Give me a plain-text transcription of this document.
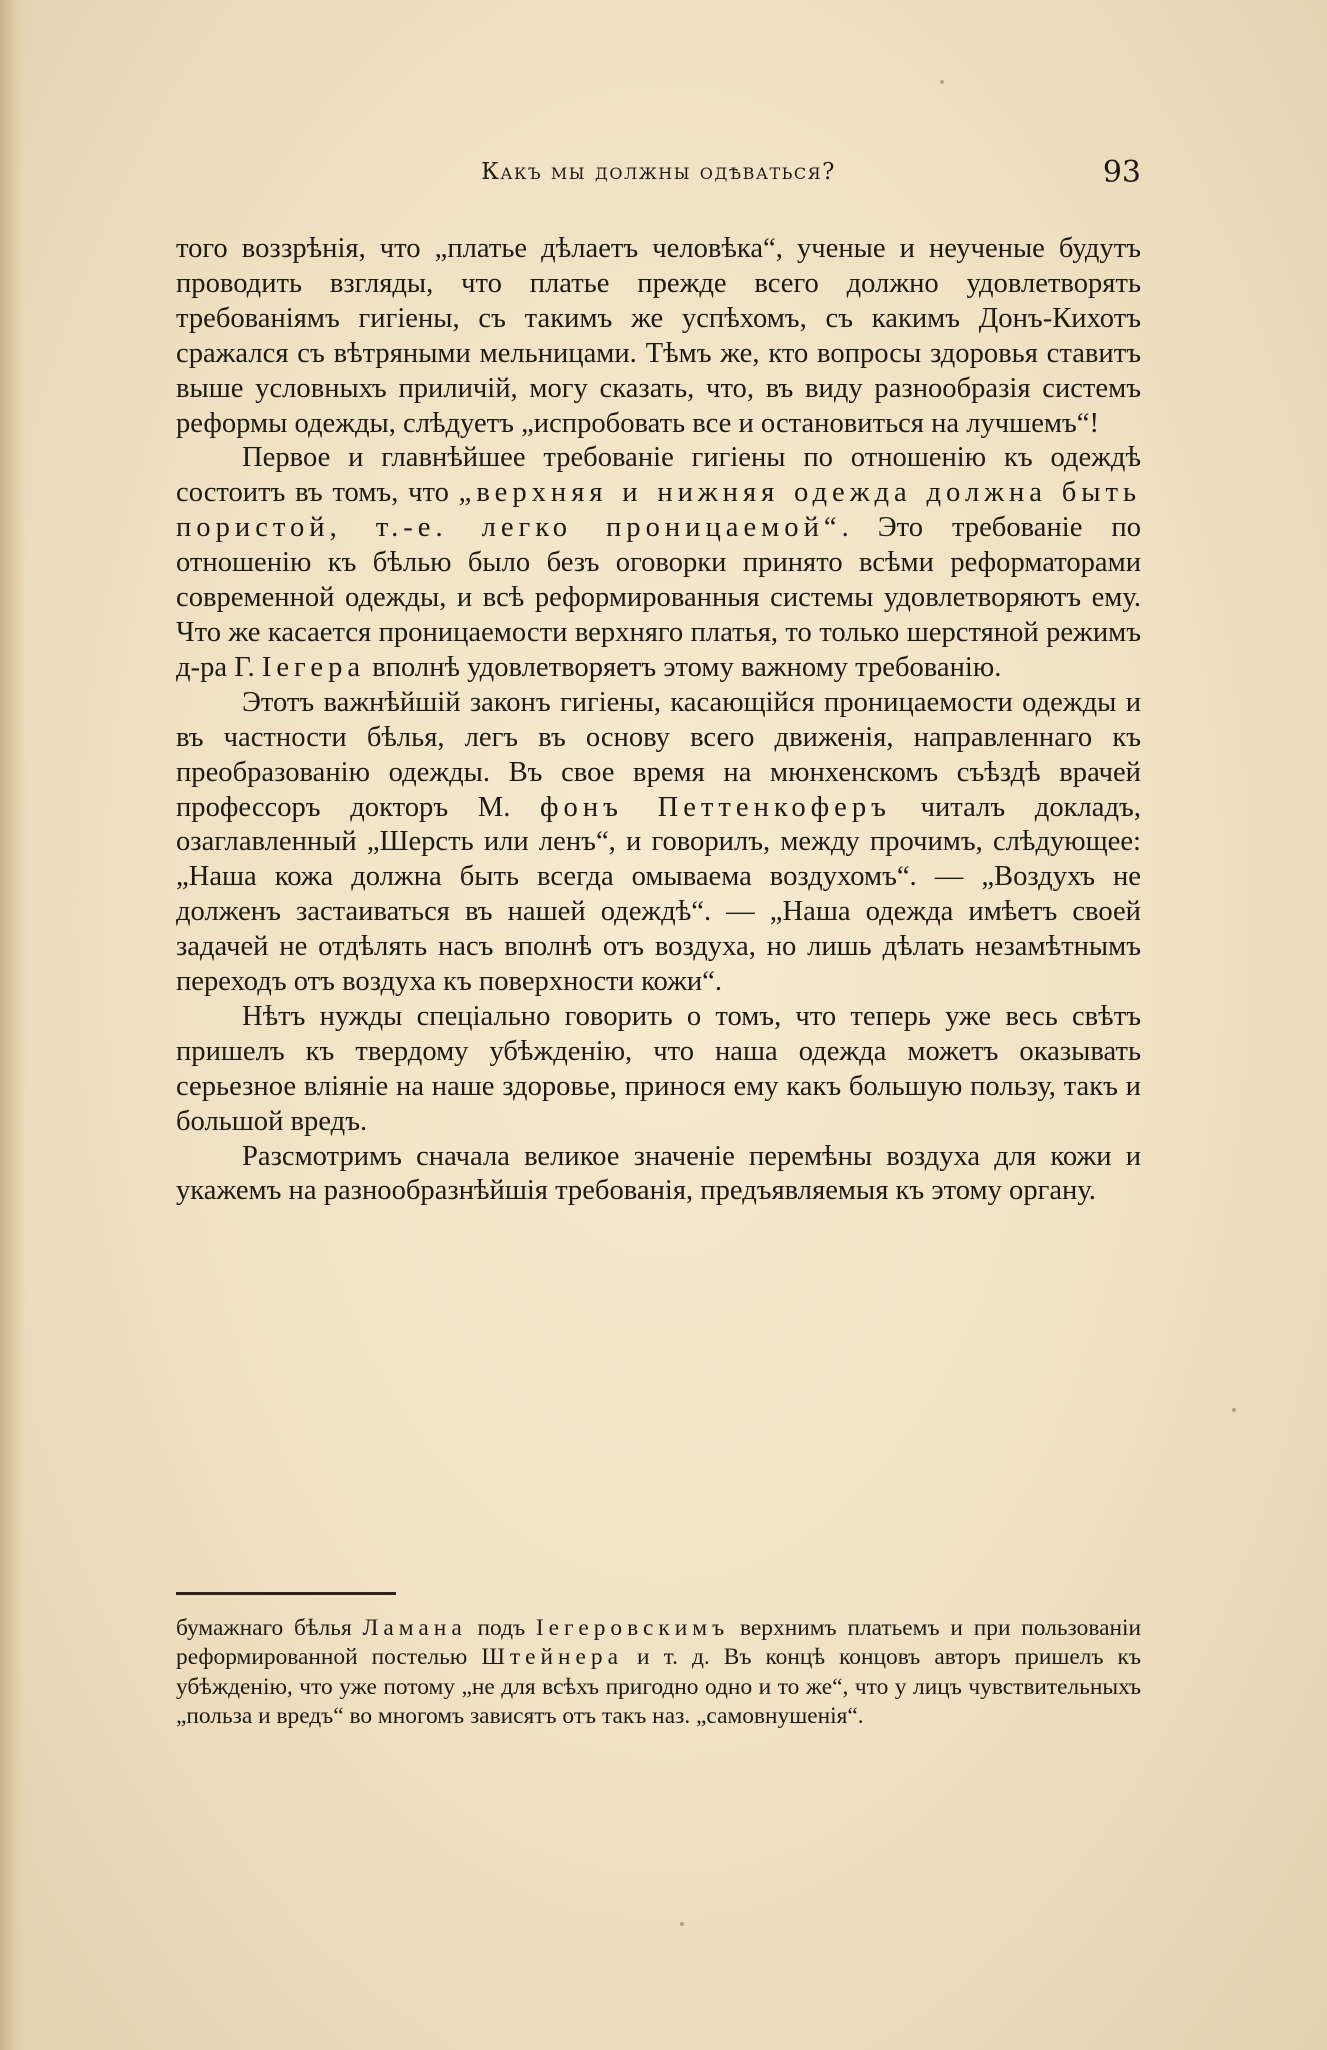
Какъ мы должны одѣваться?	93

того воззрѣнія, что „платье дѣлаетъ человѣка“, ученые и неученые будутъ проводить взгляды, что платье прежде всего должно удовлетворять требованіямъ гигіены, съ такимъ же успѣхомъ, съ какимъ Донъ-Кихотъ сражался съ вѣтряными мельницами. Тѣмъ же, кто вопросы здоровья ставитъ выше условныхъ приличій, могу сказать, что, въ виду разнообразія системъ реформы одежды, слѣдуетъ „испробовать все и остановиться на лучшемъ“!

Первое и главнѣйшее требованіе гигіены по отношенію къ одеждѣ состоитъ въ томъ, что „верхняя и нижняя одежда должна быть пористой, т.-е. легко проницаемой“. Это требованіе по отношенію къ бѣлью было безъ оговорки принято всѣми реформаторами современной одежды, и всѣ реформированныя системы удовлетворяютъ ему. Что же касается проницаемости верхняго платья, то только шерстяной режимъ д-ра Г. Iегера вполнѣ удовлетворяетъ этому важному требованію.

Этотъ важнѣйшій законъ гигіены, касающійся проницаемости одежды и въ частности бѣлья, легъ въ основу всего движенія, направленнаго къ преобразованію одежды. Въ свое время на мюнхенскомъ съѣздѣ врачей профессоръ докторъ М. фонъ Петтенкоферъ читалъ докладъ, озаглавленный „Шерсть или ленъ“, и говорилъ, между прочимъ, слѣдующее: „Наша кожа должна быть всегда омываема воздухомъ“. — „Воздухъ не долженъ застаиваться въ нашей одеждѣ“. — „Наша одежда имѣетъ своей задачей не отдѣлять насъ вполнѣ отъ воздуха, но лишь дѣлать незамѣтнымъ переходъ отъ воздуха къ поверхности кожи“.

Нѣтъ нужды спеціально говорить о томъ, что теперь уже весь свѣтъ пришелъ къ твердому убѣжденію, что наша одежда можетъ оказывать серьезное вліяніе на наше здоровье, принося ему какъ большую пользу, такъ и большой вредъ.

Разсмотримъ сначала великое значеніе перемѣны воздуха для кожи и укажемъ на разнообразнѣйшія требованія, предъявляемыя къ этому органу.

бумажнаго бѣлья Ламана подъ Iегеровскимъ верхнимъ платьемъ и при пользованіи реформированной постелью Штейнера и т. д. Въ концѣ концовъ авторъ пришелъ къ убѣжденію, что уже потому „не для всѣхъ пригодно одно и то же“, что у лицъ чувствительныхъ „польза и вредъ“ во многомъ зависятъ отъ такъ наз. „самовнушенія“.
